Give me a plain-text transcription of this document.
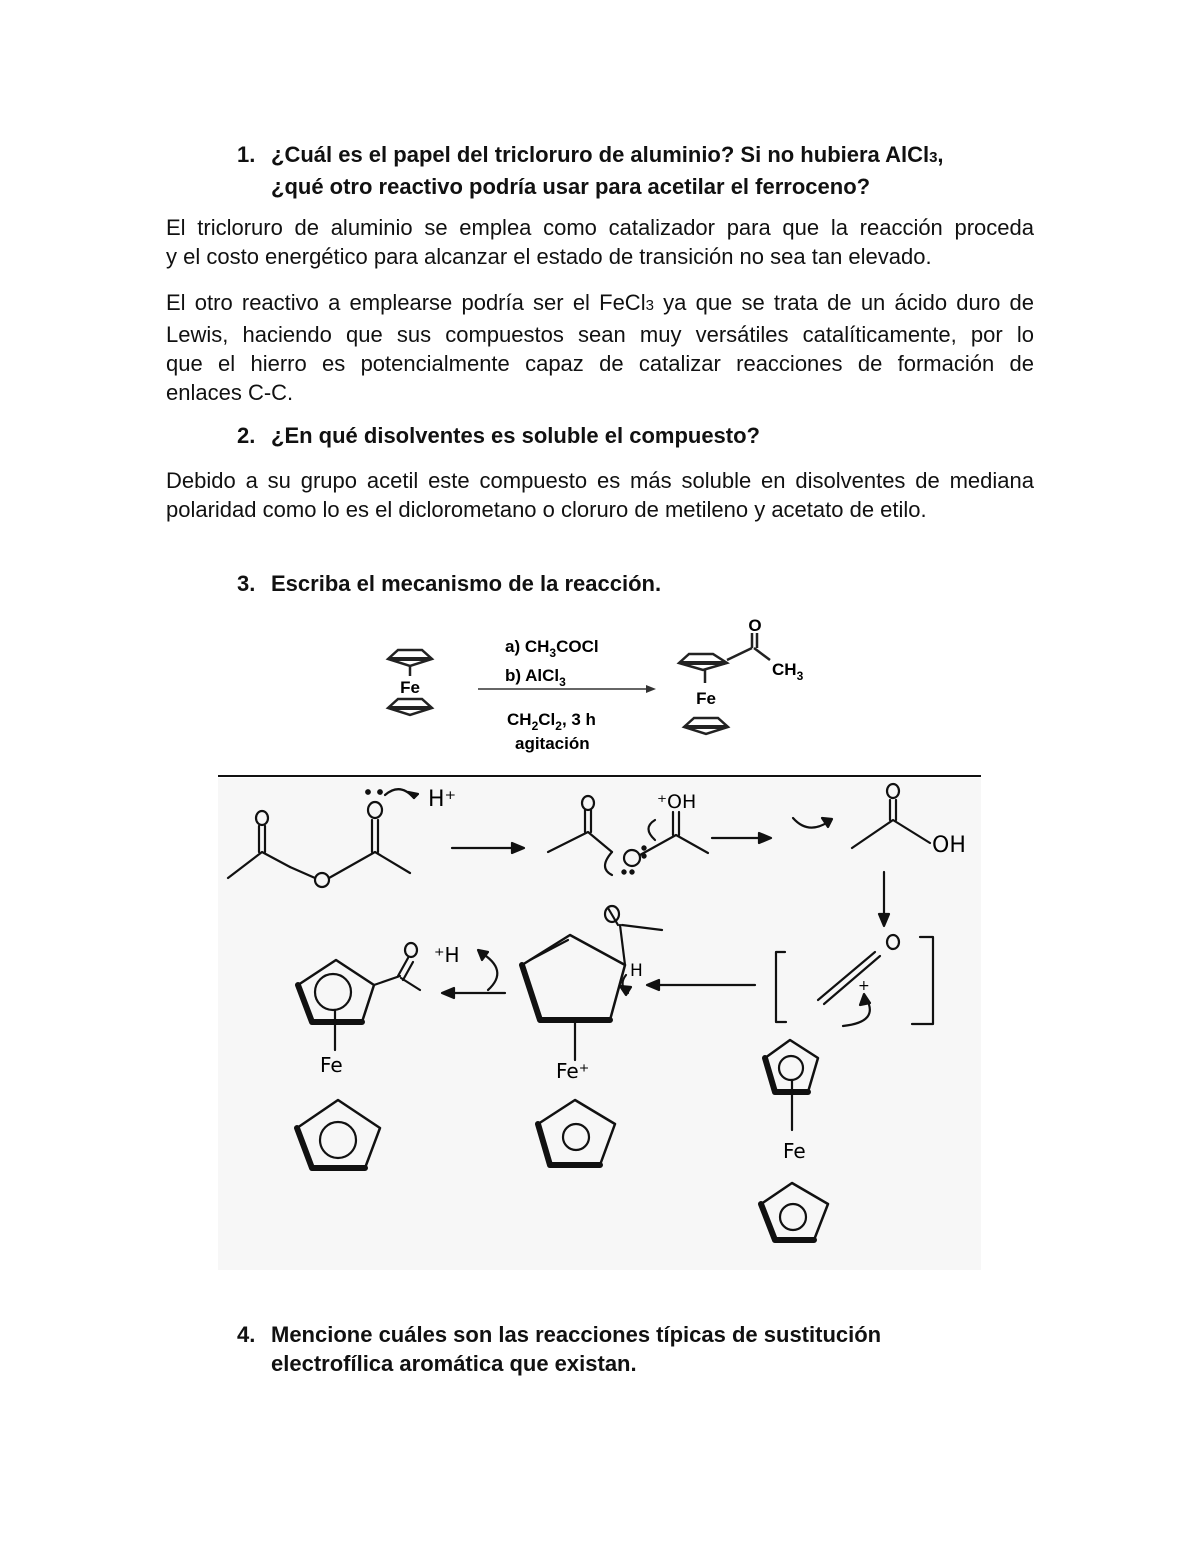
1. ¿Cuál es el papel del tricloruro de aluminio? Si no hubiera AlCl3,
¿qué otro reactivo podría usar para acetilar el ferroceno?
El tricloruro de aluminio se emplea como catalizador para que la reacción proceda
y el costo energético para alcanzar el estado de transición no sea tan elevado.
El otro reactivo a emplearse podría ser el FeCl3 ya que se trata de un ácido duro de
Lewis, haciendo que sus compuestos sean muy versátiles catalíticamente, por lo
que el hierro es potencialmente capaz de catalizar reacciones de formación de
enlaces C-C.
2. ¿En qué disolventes es soluble el compuesto?
Debido a su grupo acetil este compuesto es más soluble en disolventes de mediana
polaridad como lo es el diclorometano o cloruro de metileno y acetato de etilo.
3. Escriba el mecanismo de la reacción.
Fe
a) $CH_3COCl$
b) AlCl$_3$
$CH_2Cl_2$, 3 h
agitación
O
$CH_3$
Fe
H⁺	⁺OH
OH
⁺H
H
+
Fe	Fe⁺
Fe
4. Mencione cuáles son las reacciones típicas de sustitución
electrofílica aromática que existan.
